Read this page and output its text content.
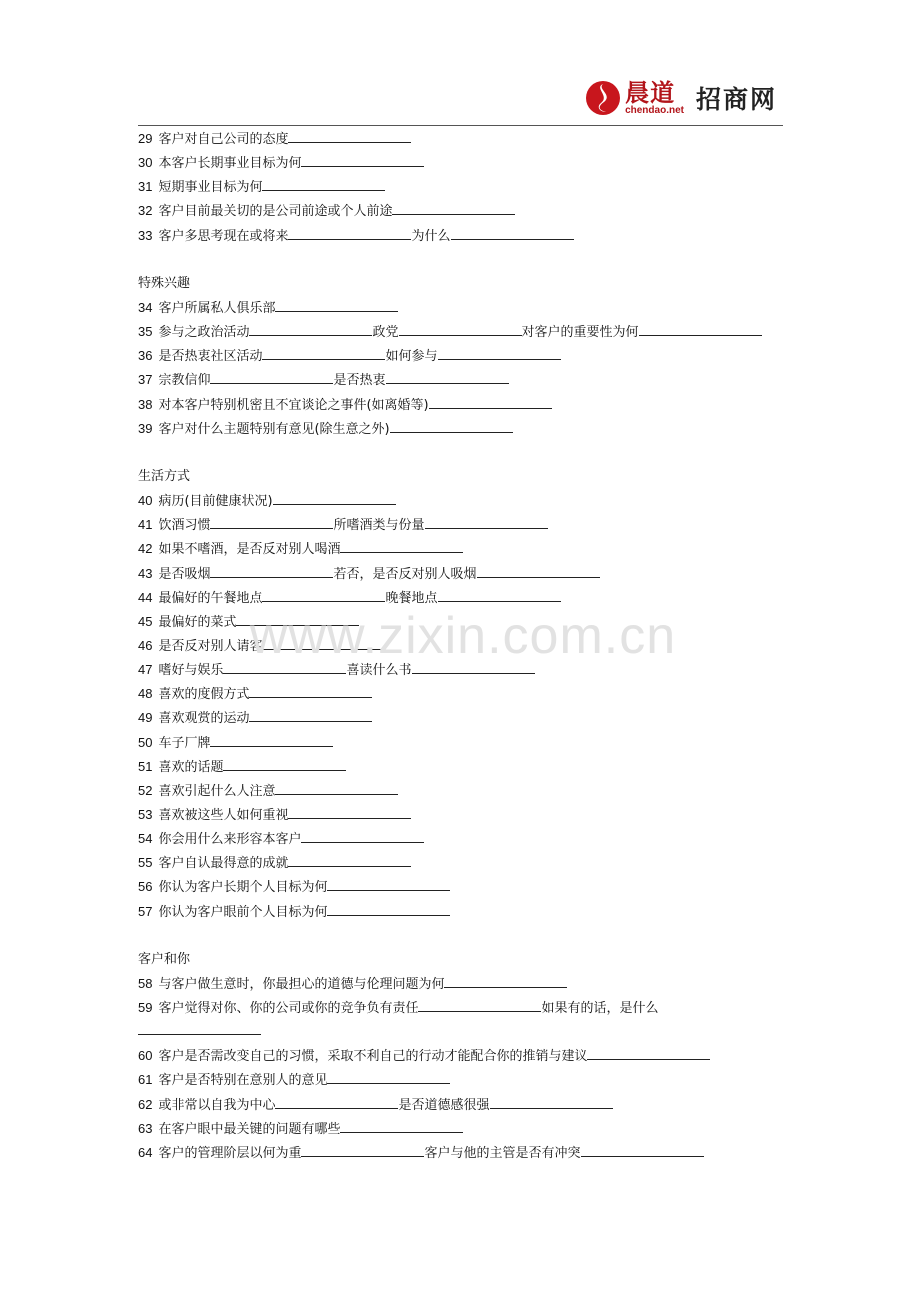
晨道
chendao.net 招商网
29 客户对自己公司的态度
30 本客户长期事业目标为何
31 短期事业目标为何
32 客户目前最关切的是公司前途或个人前途
33 客户多思考现在或将来	为什么
特殊兴趣
34 客户所属私人俱乐部
35 参与之政治活动	政党	对客户的重要性为何
36 是否热衷社区活动	如何参与
37 宗教信仰	是否热衷
38 对本客户特别机密且不宜谈论之事件(如离婚等)
39 客户对什么主题特别有意见(除生意之外)
生活方式
40 病历(目前健康状况)
41 饮酒习惯	所嗜酒类与份量
42 如果不嗜酒，是否反对别人喝酒
43 是否吸烟	若否，是否反对别人吸烟
44 最偏好的午餐地点	晚餐地点
45 最偏好的菜式
46 是否反对别人请客
47 嗜好与娱乐	喜读什么书
48 喜欢的度假方式
49 喜欢观赏的运动
50 车子厂牌
51 喜欢的话题
52 喜欢引起什么人注意
53 喜欢被这些人如何重视
54 你会用什么来形容本客户
55 客户自认最得意的成就
56 你认为客户长期个人目标为何
57 你认为客户眼前个人目标为何
客户和你
58 与客户做生意时，你最担心的道德与伦理问题为何
59 客户觉得对你、你的公司或你的竞争负有责任	如果有的话，是什么
60 客户是否需改变自己的习惯，采取不利自己的行动才能配合你的推销与建议
61 客户是否特别在意别人的意见
62 或非常以自我为中心	是否道德感很强
63 在客户眼中最关键的问题有哪些
64 客户的管理阶层以何为重	客户与他的主管是否有冲突
www.zixin.com.cn
